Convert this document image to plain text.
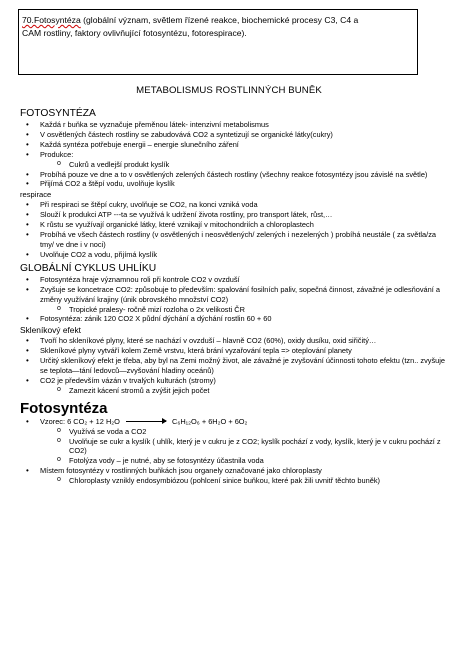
70.Fotosyntéza (globální význam, světlem řízené reakce, biochemické procesy C3, C4 a
CAM rostliny, faktory ovlivňující fotosyntézu, fotorespirace).
METABOLISMUS ROSTLINNÝCH BUNĚK
FOTOSYNTÉZA
• Každá r buňka se vyznačuje přeměnou látek- intenzivní metabolismus
• V osvětlených částech rostliny se zabudovává CO2 a syntetizují se organické látky(cukry)
• Každá syntéza potřebuje energii – energie slunečního záření
• Produkce:
o Cukrů a vedlejší produkt kyslík
• Probíhá pouze ve dne a to v osvětlených zelených částech rostliny (všechny reakce fotosyntézy jsou závislé na světle)
• Přijímá CO2 a štěpí vodu, uvolňuje kyslík
respirace
• Při respiraci se štěpí cukry, uvolňuje se CO2, na konci vzniká voda
• Slouží k produkci ATP ---ta se využívá k udržení života rostliny, pro transport látek, růst,…
• K růstu se využívají organické látky, které vznikají v mitochondriích a chloroplastech
• Probíhá ve všech částech rostliny (v osvětlených i neosvětlených/ zelených i nezelených ) probíhá neustále ( za světla/za tmy/ ve dne i v noci)
• Uvolňuje CO2 a vodu, přijímá kyslík
GLOBÁLNÍ CYKLUS UHLÍKU
• Fotosyntéza hraje významnou roli při kontrole CO2 v ovzduší
• Zvyšuje se koncetrace CO2: způsobuje to především: spalování fosilních paliv, sopečná činnost, závažné je odlesňování a změny využívání krajiny (únik obrovského množství CO2)
o Tropické pralesy- ročně mizí rozloha o 2x velikosti ČR
• Fotosyntéza: zánik 120 CO2 X půdní dýchání a dýchání rostlin 60 + 60
Skleníkový efekt
• Tvoří ho skleníkové plyny, které se nachází v ovzduší – hlavně CO2 (60%), oxidy dusíku, oxid siřičitý…
• Skleníkové plyny vytváří kolem Země vrstvu, která brání vyzařování tepla => oteplování planety
• Určitý skleníkový efekt je třeba, aby byl na Zemi možný život, ale závažné je zvyšování účinnosti tohoto efektu (tzn.. zvyšuje se teplota—tání ledovců—zvyšování hladiny oceánů)
• CO2 je především vázán v trvalých kulturách (stromy)
o Zamezit kácení stromů a zvýšit jejich počet
Fotosyntéza
• Vzorec: 6 CO₂ + 12 H₂O	C₆H₁₂O₆ + 6H₂O + 6O₂
o Využívá se voda a CO2
o Uvolňuje se cukr a kyslík ( uhlík, který je v cukru je z CO2; kyslík pochází z vody, kyslík, který je v cukru pochází z CO2)
o Fotolýza vody – je nutné, aby se fotosyntézy účastnila voda
• Místem fotosyntézy v rostlinných buňkách jsou organely označované jako chloroplasty
o Chloroplasty vznikly endosymbiózou (pohlcení sinice buňkou, které pak žili uvnitř těchto buněk)
